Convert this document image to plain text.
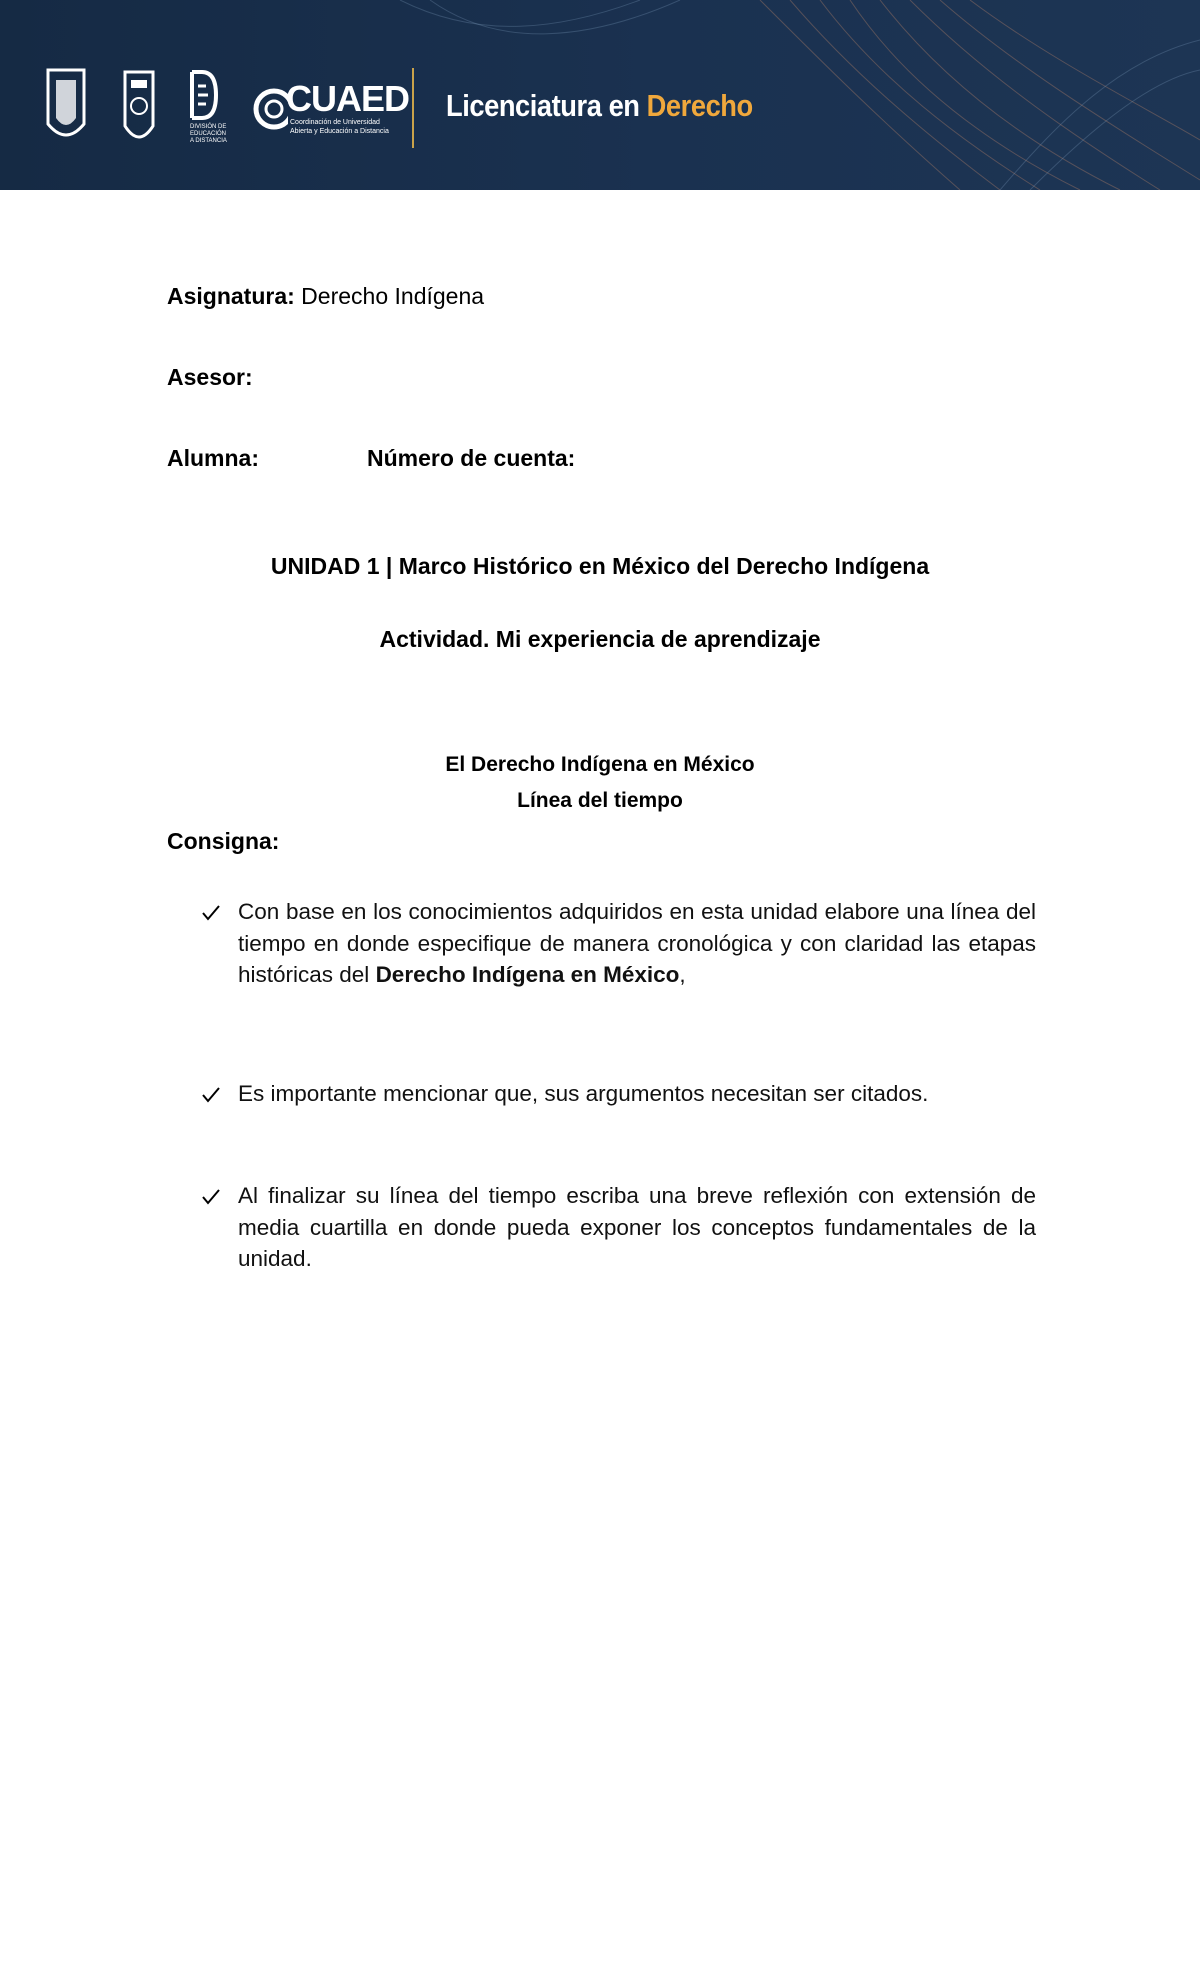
DIVISIÓN DE EDUCACIÓN A DISTANCIA
CUAED
Coordinación de Universidad Abierta y Educación a Distancia
Licenciatura en Derecho
Asignatura: Derecho Indígena
Asesor:
Alumna:	Número de cuenta:
UNIDAD 1 | Marco Histórico en México del Derecho Indígena
Actividad. Mi experiencia de aprendizaje
El Derecho Indígena en México
Línea del tiempo
Consigna:
Con base en los conocimientos adquiridos en esta unidad elabore una línea del tiempo en donde especifique de manera cronológica y con claridad las etapas históricas del Derecho Indígena en México,
Es importante mencionar que, sus argumentos necesitan ser citados.
Al finalizar su línea del tiempo escriba una breve reflexión con extensión de media cuartilla en donde pueda exponer los conceptos fundamentales de la unidad.
